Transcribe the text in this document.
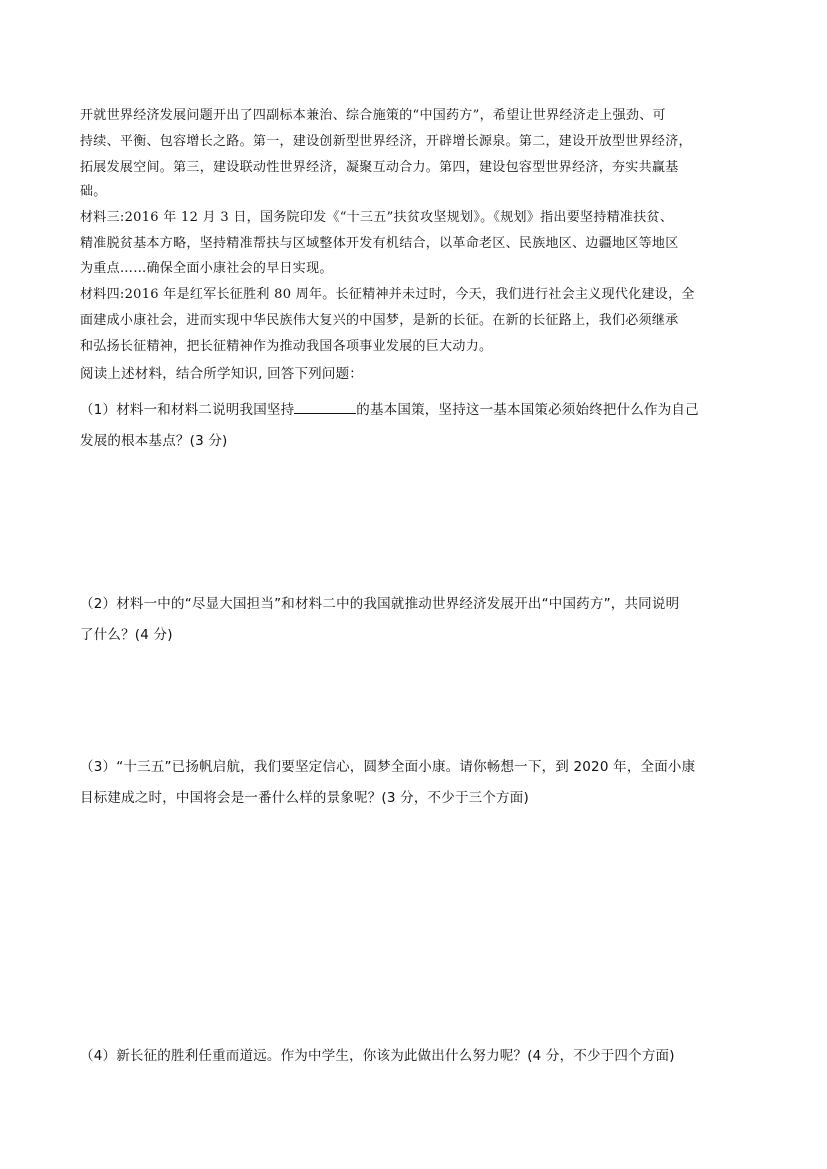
开就世界经济发展问题开出了四副标本兼治、综合施策的“中国药方”，希望让世界经济走上强劲、可

持续、平衡、包容增长之路。第一，建设创新型世界经济，开辟增长源泉。第二，建设开放型世界经济，

拓展发展空间。第三，建设联动性世界经济，凝聚互动合力。第四，建设包容型世界经济，夯实共赢基

础。

材料三:2016 年 12 月 3 日，国务院印发《“十三五”扶贫攻坚规划》。《规划》指出要坚持精准扶贫、

精准脱贫基本方略，坚持精准帮扶与区域整体开发有机结合，以革命老区、民族地区、边疆地区等地区

为重点……确保全面小康社会的早日实现。

材料四:2016 年是红军长征胜利 80 周年。长征精神并未过时，今天，我们进行社会主义现代化建设，全

面建成小康社会，进而实现中华民族伟大复兴的中国梦，是新的长征。在新的长征路上，我们必须继承

和弘扬长征精神，把长征精神作为推动我国各项事业发展的巨大动力。

阅读上述材料，结合所学知识, 回答下列问题：

（1）材料一和材料二说明我国坚持	的基本国策，坚持这一基本国策必须始终把什么作为自己

发展的根本基点？(3 分)

（2）材料一中的“尽显大国担当”和材料二中的我国就推动世界经济发展开出“中国药方”，共同说明

了什么？(4 分)

（3）“十三五”已扬帆启航，我们要坚定信心，圆梦全面小康。请你畅想一下，到 2020 年，全面小康

目标建成之时，中国将会是一番什么样的景象呢？(3 分，不少于三个方面)

（4）新长征的胜利任重而道远。作为中学生，你该为此做出什么努力呢？(4 分，不少于四个方面)
